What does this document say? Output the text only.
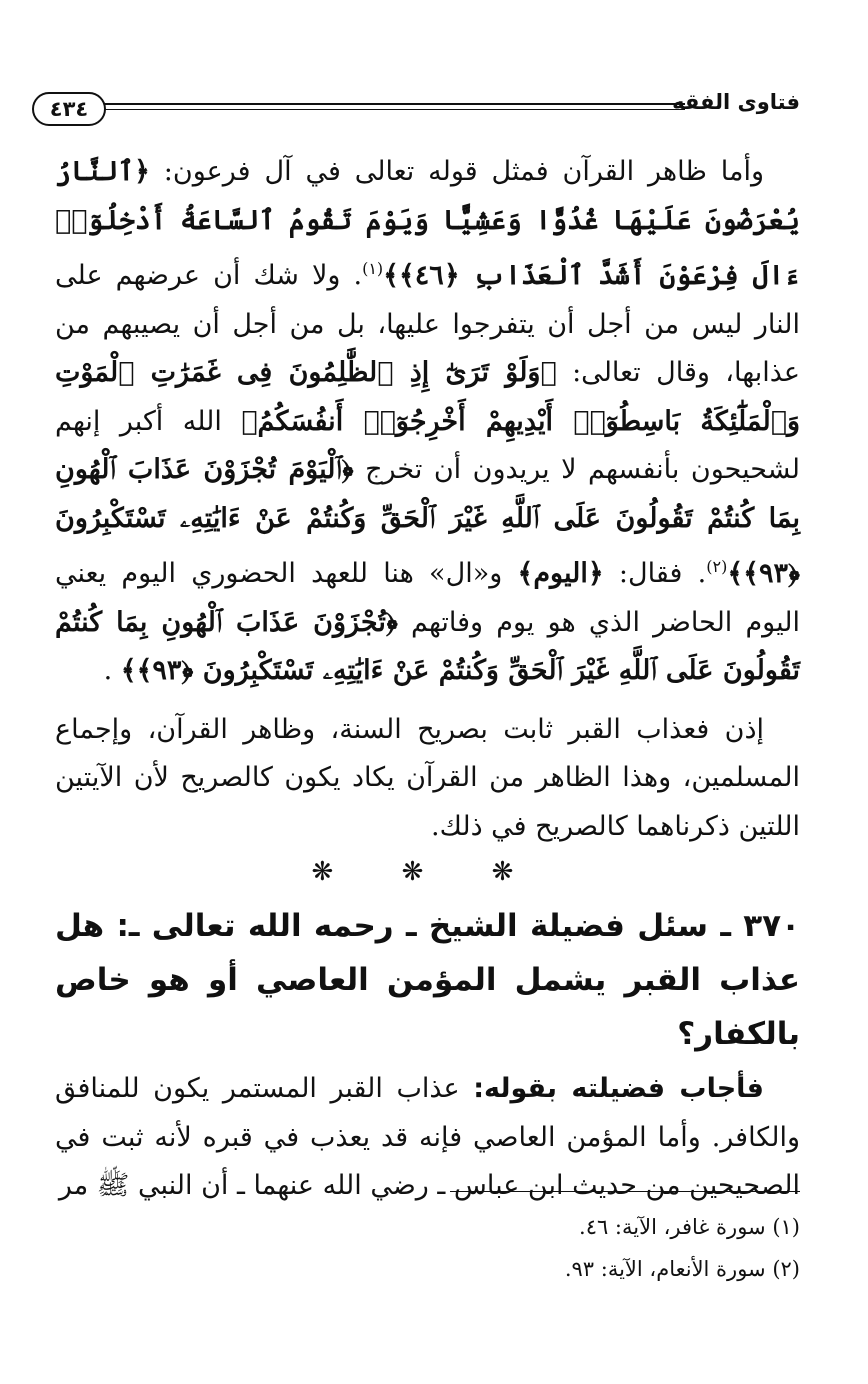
٤٣٤	فتاوى الفقه

وأما ظاهر القرآن فمثل قوله تعالى في آل فرعون: ﴿ٱلنَّارُ يُعْرَضُونَ عَلَيْهَا غُدُوًّا وَعَشِيًّا وَيَوْمَ تَقُومُ ٱلسَّاعَةُ أَدْخِلُوٓا۟ ءَالَ فِرْعَوْنَ أَشَدَّ ٱلْعَذَابِ ﴿٤٦﴾﴾$^{(١)}$. ولا شك أن عرضهم على النار ليس من أجل أن يتفرجوا عليها، بل من أجل أن يصيبهم من عذابها، وقال تعالى: ﴿وَلَوْ تَرَىٰٓ إِذِ ٱلظَّٰلِمُونَ فِى غَمَرَٰتِ ٱلْمَوْتِ وَٱلْمَلَٰٓئِكَةُ بَاسِطُوٓا۟ أَيْدِيهِمْ أَخْرِجُوٓا۟ أَنفُسَكُمُ﴾ الله أكبر إنهم لشحيحون بأنفسهم لا يريدون أن تخرج ﴿ٱلْيَوْمَ تُجْزَوْنَ عَذَابَ ٱلْهُونِ بِمَا كُنتُمْ تَقُولُونَ عَلَى ٱللَّهِ غَيْرَ ٱلْحَقِّ وَكُنتُمْ عَنْ ءَايَٰتِهِۦ تَسْتَكْبِرُونَ ﴿٩٣﴾﴾$^{(٢)}$. فقال: ﴿اليوم﴾ و«ال» هنا للعهد الحضوري اليوم يعني اليوم الحاضر الذي هو يوم وفاتهم ﴿تُجْزَوْنَ عَذَابَ ٱلْهُونِ بِمَا كُنتُمْ تَقُولُونَ عَلَى ٱللَّهِ غَيْرَ ٱلْحَقِّ وَكُنتُمْ عَنْ ءَايَٰتِهِۦ تَسْتَكْبِرُونَ ﴿٩٣﴾﴾ .

إذن فعذاب القبر ثابت بصريح السنة، وظاهر القرآن، وإجماع المسلمين، وهذا الظاهر من القرآن يكاد يكون كالصريح لأن الآيتين اللتين ذكرناهما كالصريح في ذلك.

❋ ❋ ❋

٣٧٠ ـ سئل فضيلة الشيخ ـ رحمه الله تعالى ـ: هل عذاب القبر يشمل المؤمن العاصي أو هو خاص بالكفار؟

فأجاب فضيلته بقوله: عذاب القبر المستمر يكون للمنافق والكافر. وأما المؤمن العاصي فإنه قد يعذب في قبره لأنه ثبت في الصحيحين من حديث ابن عباس ـ رضي الله عنهما ـ أن النبي ﷺ مر

(١) سورة غافر، الآية: ٤٦.

(٢) سورة الأنعام، الآية: ٩٣.
